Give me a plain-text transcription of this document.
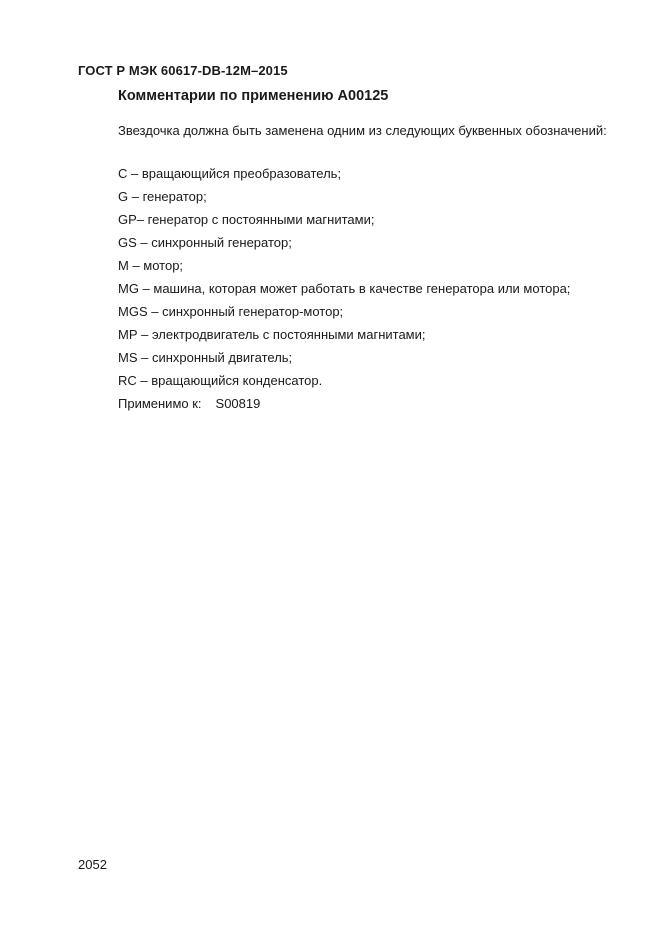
ГОСТ Р МЭК 60617-DB-12M–2015
Комментарии по применению А00125

Звездочка должна быть заменена одним из следующих буквенных обозначений:

С – вращающийся преобразователь;
G – генератор;
GP– генератор с постоянными магнитами;
GS – синхронный генератор;
М – мотор;
MG – машина, которая может работать в качестве генератора или мотора;
MGS – синхронный генератор-мотор;
МР – электродвигатель с постоянными магнитами;
MS – синхронный двигатель;
RC – вращающийся конденсатор.
Применимо к: S00819
2052
